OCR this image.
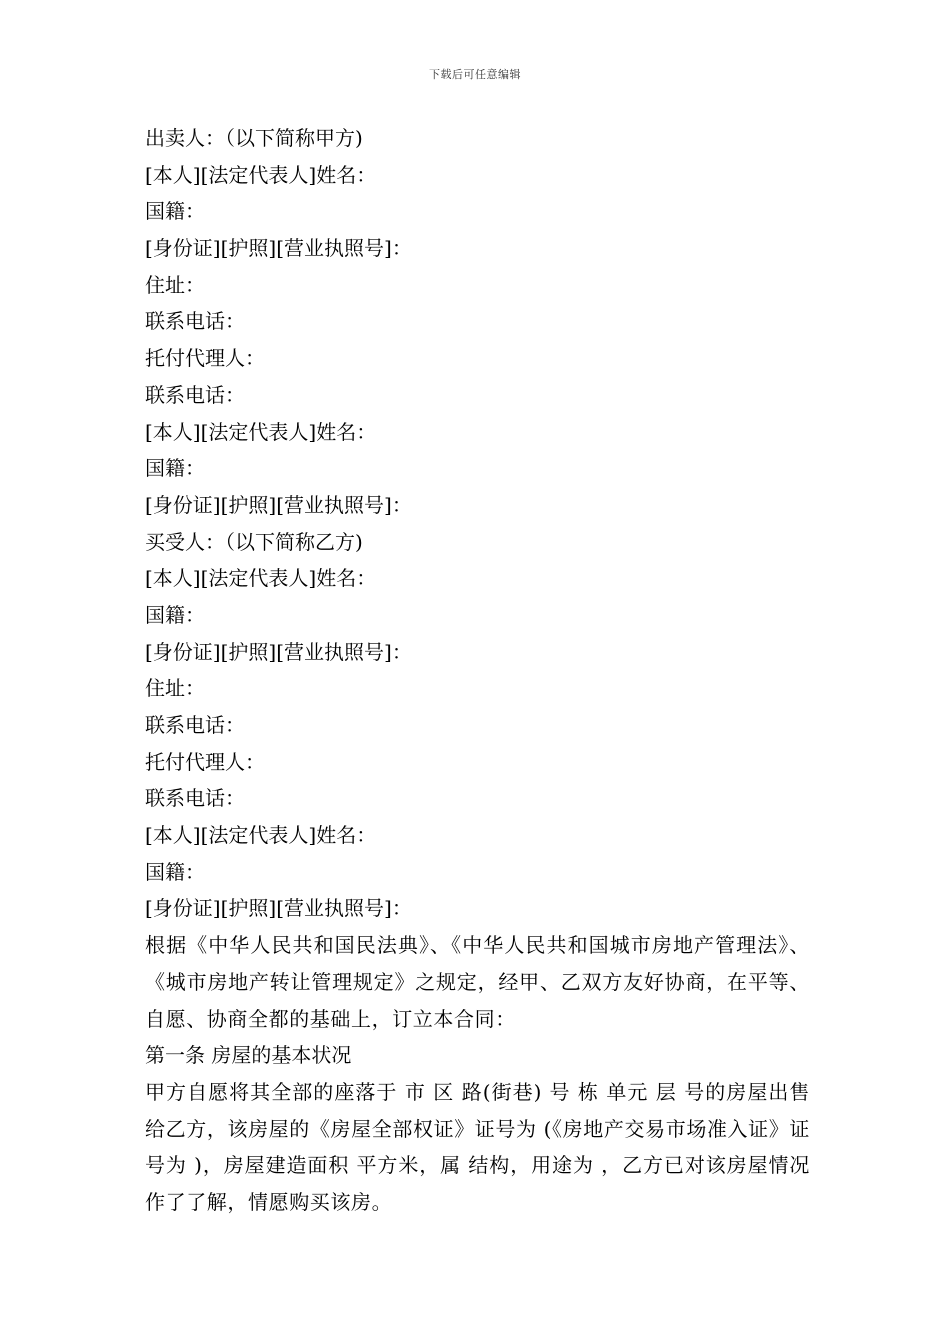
下载后可任意编辑
出卖人：（以下简称甲方)
[本人][法定代表人]姓名：
国籍：
[身份证][护照][营业执照号]：
住址：
联系电话：
托付代理人：
联系电话：
[本人][法定代表人]姓名：
国籍：
[身份证][护照][营业执照号]：
买受人：（以下简称乙方)
[本人][法定代表人]姓名：
国籍：
[身份证][护照][营业执照号]：
住址：
联系电话：
托付代理人：
联系电话：
[本人][法定代表人]姓名：
国籍：
[身份证][护照][营业执照号]：
根据《中华人民共和国民法典》、《中华人民共和国城市房地产管理法》、《城市房地产转让管理规定》之规定，经甲、乙双方友好协商，在平等、自愿、协商全都的基础上，订立本合同：
第一条 房屋的基本状况
甲方自愿将其全部的座落于 市 区 路(街巷) 号 栋 单元 层 号的房屋出售给乙方，该房屋的《房屋全部权证》证号为 (《房地产交易市场准入证》证号为 )，房屋建造面积 平方米，属 结构，用途为 ，乙方已对该房屋情况作了了解，情愿购买该房。
